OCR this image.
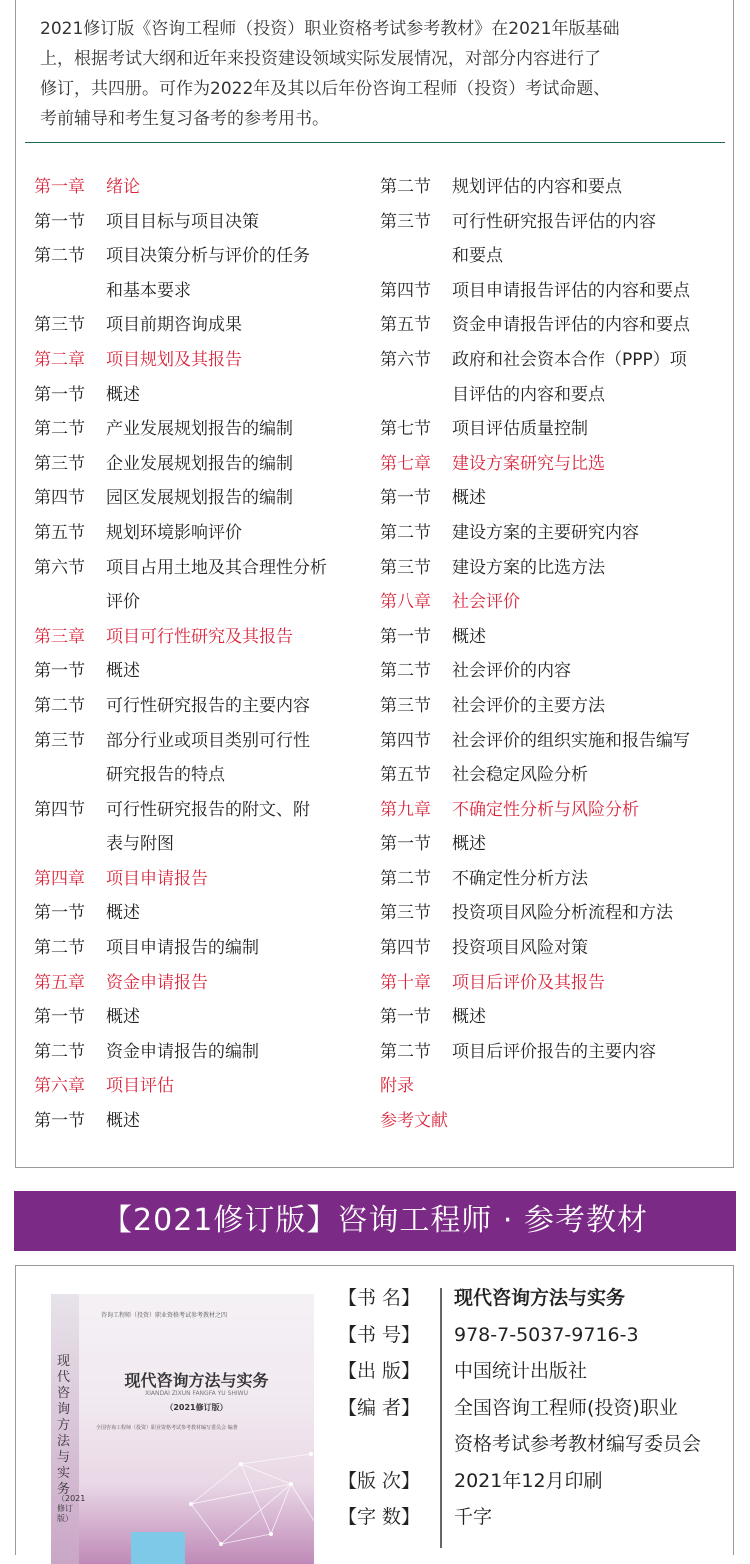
2021修订版《咨询工程师（投资）职业资格考试参考教材》在2021年版基础

上，根据考试大纲和近年来投资建设领域实际发展情况，对部分内容进行了

修订，共四册。可作为2022年及其以后年份咨询工程师（投资）考试命题、

考前辅导和考生复习备考的参考用书。

第一章	绪论
第一节	项目目标与项目决策
第二节	项目决策分析与评价的任务
和基本要求
第三节	项目前期咨询成果
第二章	项目规划及其报告
第一节	概述
第二节	产业发展规划报告的编制
第三节	企业发展规划报告的编制
第四节	园区发展规划报告的编制
第五节	规划环境影响评价
第六节	项目占用土地及其合理性分析
评价
第三章	项目可行性研究及其报告
第一节	概述
第二节	可行性研究报告的主要内容
第三节	部分行业或项目类别可行性
研究报告的特点
第四节	可行性研究报告的附文、附
表与附图
第四章	项目申请报告
第一节	概述
第二节	项目申请报告的编制
第五章	资金申请报告
第一节	概述
第二节	资金申请报告的编制
第六章	项目评估
第一节	概述
第二节	规划评估的内容和要点
第三节	可行性研究报告评估的内容
和要点
第四节	项目申请报告评估的内容和要点
第五节	资金申请报告评估的内容和要点
第六节	政府和社会资本合作（PPP）项
目评估的内容和要点
第七节	项目评估质量控制
第七章	建设方案研究与比选
第一节	概述
第二节	建设方案的主要研究内容
第三节	建设方案的比选方法
第八章	社会评价
第一节	概述
第二节	社会评价的内容
第三节	社会评价的主要方法
第四节	社会评价的组织实施和报告编写
第五节	社会稳定风险分析
第九章	不确定性分析与风险分析
第一节	概述
第二节	不确定性分析方法
第三节	投资项目风险分析流程和方法
第四节	投资项目风险对策
第十章	项目后评价及其报告
第一节	概述
第二节	项目后评价报告的主要内容
附录
参考文献
【2021修订版】咨询工程师 · 参考教材
现代咨询方法与实务
（2021修订版）
咨询工程师（投资）职业资格考试参考教材之四
现代咨询方法与实务
XIANDAI ZIXUN FANGFA YU SHIWU
（2021修订版）
全国咨询工程师（投资）职业资格考试参考教材编写委员会 编著
【书 名】	现代咨询方法与实务
【书 号】	978-7-5037-9716-3
【出 版】	中国统计出版社
【编 者】	全国咨询工程师(投资)职业
资格考试参考教材编写委员会
【版 次】	2021年12月印刷
【字 数】	千字
